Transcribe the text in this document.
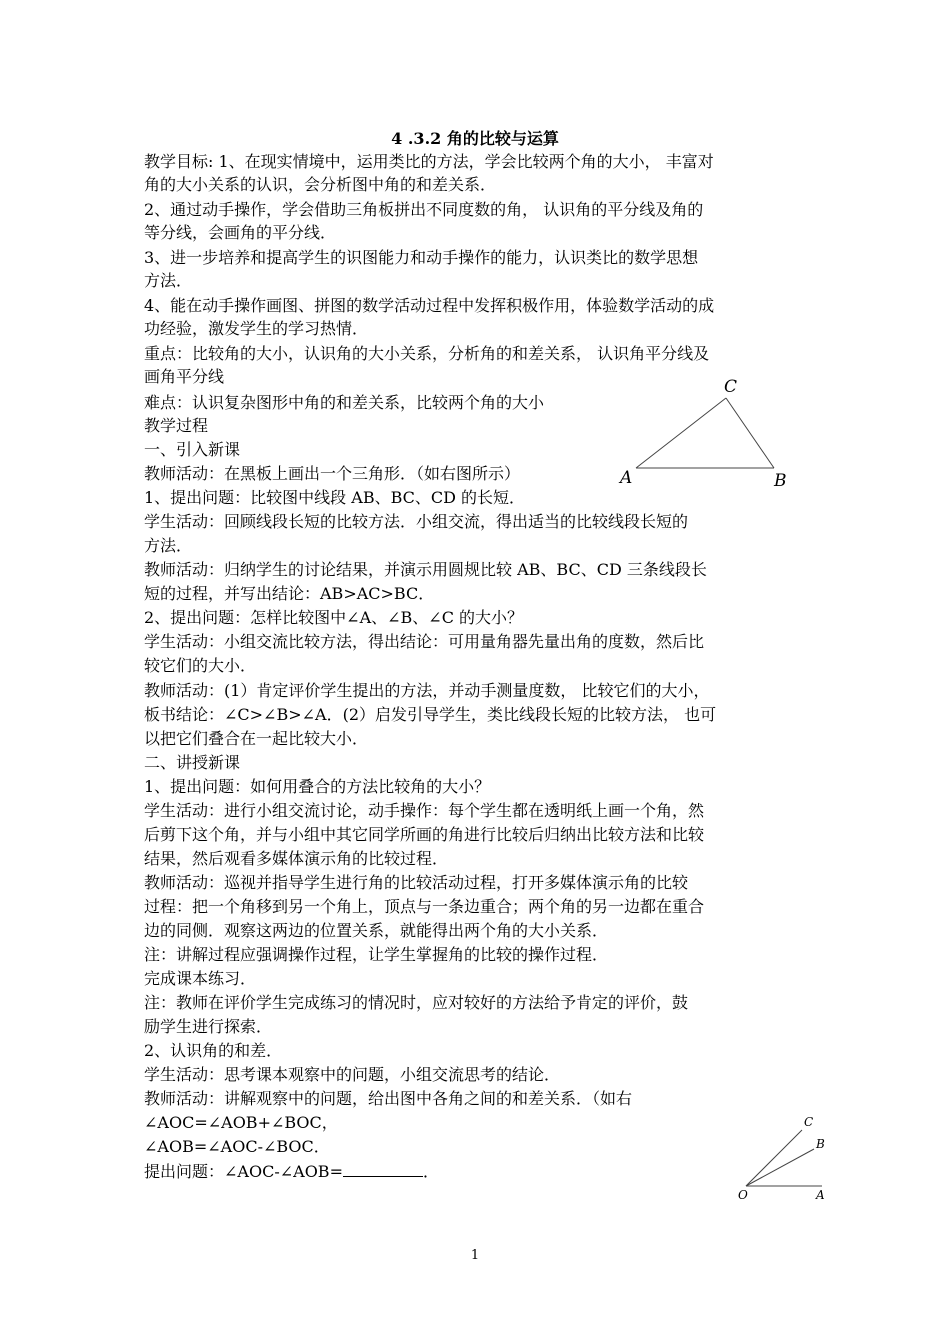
4 .3.2 角的比较与运算
教学目标: 1、在现实情境中，运用类比的方法，学会比较两个角的大小， 丰富对
角的大小关系的认识，会分析图中角的和差关系．
2、通过动手操作，学会借助三角板拼出不同度数的角， 认识角的平分线及角的
等分线，会画角的平分线．
3、进一步培养和提高学生的识图能力和动手操作的能力，认识类比的数学思想
方法．
4、能在动手操作画图、拼图的数学活动过程中发挥积极作用，体验数学活动的成
功经验，激发学生的学习热情．
重点：比较角的大小，认识角的大小关系，分析角的和差关系， 认识角平分线及
画角平分线
难点：认识复杂图形中角的和差关系，比较两个角的大小
教学过程
一、引入新课
教师活动：在黑板上画出一个三角形．（如右图所示）
1、提出问题：比较图中线段 AB、BC、CD 的长短．
学生活动：回顾线段长短的比较方法．小组交流，得出适当的比较线段长短的
方法．
教师活动：归纳学生的讨论结果，并演示用圆规比较 AB、BC、CD 三条线段长
短的过程，并写出结论：AB>AC>BC．
2、提出问题：怎样比较图中∠A、∠B、∠C 的大小？
学生活动：小组交流比较方法，得出结论：可用量角器先量出角的度数，然后比
较它们的大小．
教师活动：(1）肯定评价学生提出的方法，并动手测量度数， 比较它们的大小，
板书结论：∠C>∠B>∠A．(2）启发引导学生，类比线段长短的比较方法， 也可
以把它们叠合在一起比较大小．
二、讲授新课
1、提出问题：如何用叠合的方法比较角的大小？
学生活动：进行小组交流讨论，动手操作：每个学生都在透明纸上画一个角，然
后剪下这个角，并与小组中其它同学所画的角进行比较后归纳出比较方法和比较
结果，然后观看多媒体演示角的比较过程．
教师活动：巡视并指导学生进行角的比较活动过程，打开多媒体演示角的比较
过程：把一个角移到另一个角上，顶点与一条边重合；两个角的另一边都在重合
边的同侧．观察这两边的位置关系，就能得出两个角的大小关系．
注：讲解过程应强调操作过程，让学生掌握角的比较的操作过程．
完成课本练习．
注：教师在评价学生完成练习的情况时，应对较好的方法给予肯定的评价，鼓
励学生进行探索．
2、认识角的和差．
学生活动：思考课本观察中的问题，小组交流思考的结论．
教师活动：讲解观察中的问题，给出图中各角之间的和差关系．（如右
∠AOC=∠AOB+∠BOC，
∠AOB=∠AOC-∠BOC．
提出问题：∠AOC-∠AOB=	．
C
A	B
C
B
O	A
1
